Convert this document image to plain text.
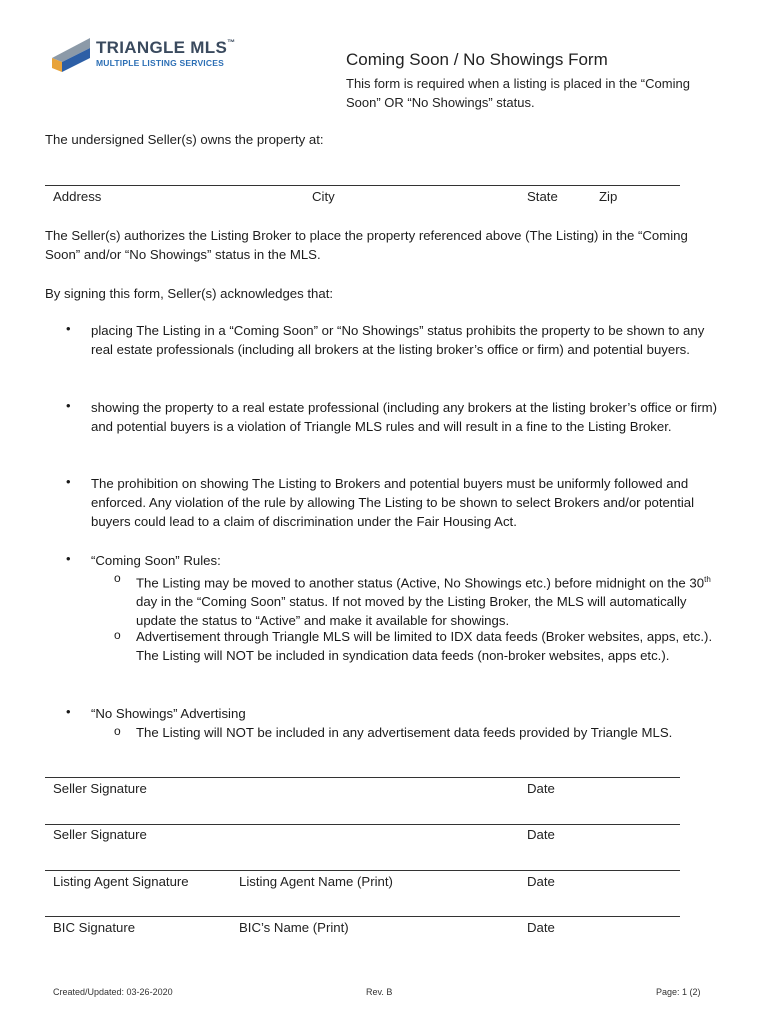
TRIANGLE MLS™
MULTIPLE LISTING SERVICES	Coming Soon / No Showings Form
This form is required when a listing is placed in the “Coming Soon” OR “No Showings” status.
The undersigned Seller(s) owns the property at:
Address	City	State	Zip
The Seller(s) authorizes the Listing Broker to place the property referenced above (The Listing) in the “Coming Soon” and/or “No Showings” status in the MLS.
By signing this form, Seller(s) acknowledges that:
• placing The Listing in a “Coming Soon” or “No Showings” status prohibits the property to be shown to any real estate professionals (including all brokers at the listing broker’s office or firm) and potential buyers.
• showing the property to a real estate professional (including any brokers at the listing broker’s office or firm) and potential buyers is a violation of Triangle MLS rules and will result in a fine to the Listing Broker.
• The prohibition on showing The Listing to Brokers and potential buyers must be uniformly followed and enforced. Any violation of the rule by allowing The Listing to be shown to select Brokers and/or potential buyers could lead to a claim of discrimination under the Fair Housing Act.
• “Coming Soon” Rules:
o The Listing may be moved to another status (Active, No Showings etc.) before midnight on the 30th day in the “Coming Soon” status. If not moved by the Listing Broker, the MLS will automatically update the status to “Active” and make it available for showings.
o Advertisement through Triangle MLS will be limited to IDX data feeds (Broker websites, apps, etc.). The Listing will NOT be included in syndication data feeds (non-broker websites, apps etc.).
• “No Showings” Advertising
o The Listing will NOT be included in any advertisement data feeds provided by Triangle MLS.
Seller Signature	Date
Seller Signature	Date
Listing Agent Signature	Listing Agent Name (Print)	Date
BIC Signature	BIC’s Name (Print)	Date
Created/Updated: 03-26-2020	Rev. B	Page: 1 (2)
